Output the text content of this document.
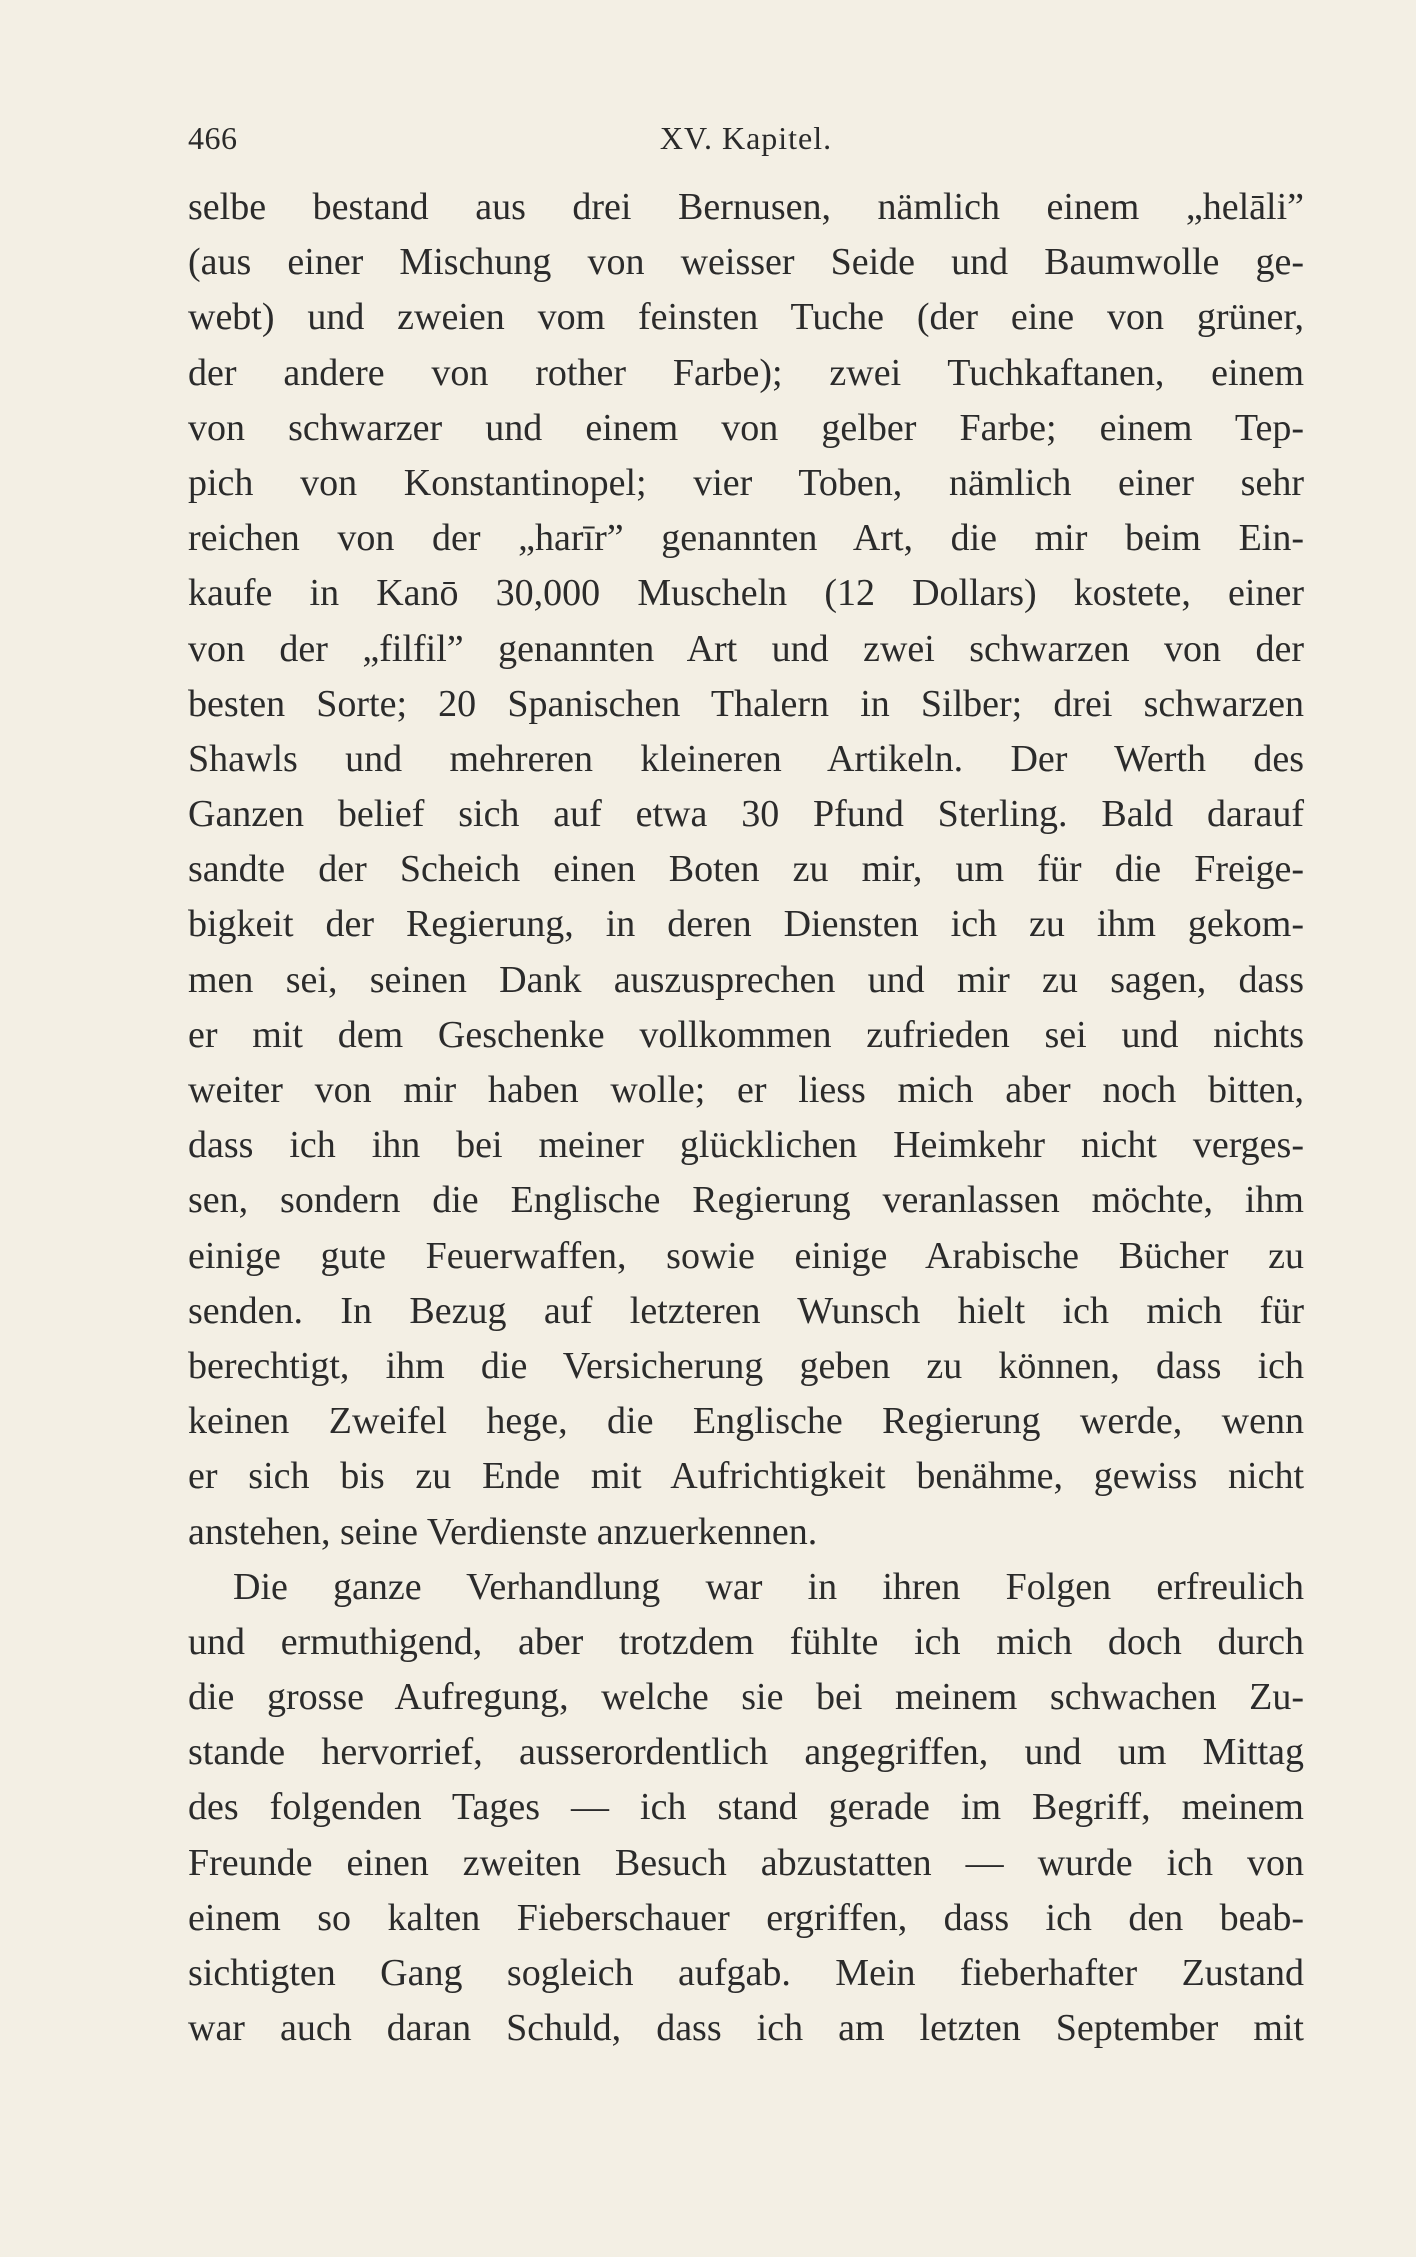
466	XV. Kapitel.
selbe bestand aus drei Bernusen, nämlich einem „helāli”
(aus einer Mischung von weisser Seide und Baumwolle ge-
webt) und zweien vom feinsten Tuche (der eine von grüner,
der andere von rother Farbe); zwei Tuchkaftanen, einem
von schwarzer und einem von gelber Farbe; einem Tep-
pich von Konstantinopel; vier Toben, nämlich einer sehr
reichen von der „harīr” genannten Art, die mir beim Ein-
kaufe in Kanō 30,000 Muscheln (12 Dollars) kostete, einer
von der „filfil” genannten Art und zwei schwarzen von der
besten Sorte; 20 Spanischen Thalern in Silber; drei schwarzen
Shawls und mehreren kleineren Artikeln. Der Werth des
Ganzen belief sich auf etwa 30 Pfund Sterling. Bald darauf
sandte der Scheich einen Boten zu mir, um für die Freige-
bigkeit der Regierung, in deren Diensten ich zu ihm gekom-
men sei, seinen Dank auszusprechen und mir zu sagen, dass
er mit dem Geschenke vollkommen zufrieden sei und nichts
weiter von mir haben wolle; er liess mich aber noch bitten,
dass ich ihn bei meiner glücklichen Heimkehr nicht verges-
sen, sondern die Englische Regierung veranlassen möchte, ihm
einige gute Feuerwaffen, sowie einige Arabische Bücher zu
senden. In Bezug auf letzteren Wunsch hielt ich mich für
berechtigt, ihm die Versicherung geben zu können, dass ich
keinen Zweifel hege, die Englische Regierung werde, wenn
er sich bis zu Ende mit Aufrichtigkeit benähme, gewiss nicht
anstehen, seine Verdienste anzuerkennen.
Die ganze Verhandlung war in ihren Folgen erfreulich
und ermuthigend, aber trotzdem fühlte ich mich doch durch
die grosse Aufregung, welche sie bei meinem schwachen Zu-
stande hervorrief, ausserordentlich angegriffen, und um Mittag
des folgenden Tages — ich stand gerade im Begriff, meinem
Freunde einen zweiten Besuch abzustatten — wurde ich von
einem so kalten Fieberschauer ergriffen, dass ich den beab-
sichtigten Gang sogleich aufgab. Mein fieberhafter Zustand
war auch daran Schuld, dass ich am letzten September mit
